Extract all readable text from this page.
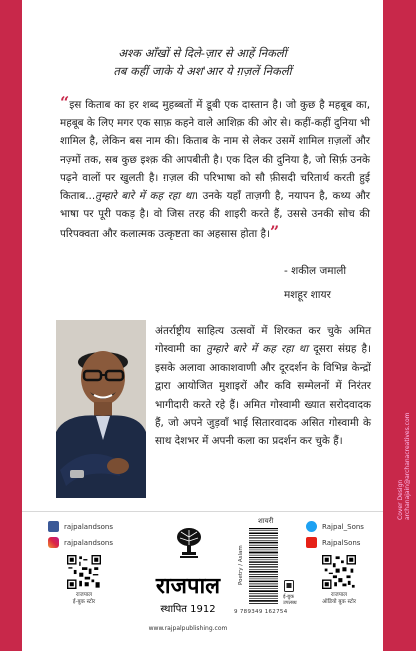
Cover Design archanajain@archanacreatives.com
अश्क आँखों से दिले-ज़ार से आहें निकलीं
तब कहीं जाके ये अश'आर ये ग़ज़लें निकलीं
“इस किताब का हर शब्द मुहब्बतों में डूबी एक दास्तान है। जो कुछ है महबूब का, महबूब के लिए मगर एक साफ़ कहने वाले आशिक़ की ओर से। कहीं-कहीं दुनिया भी शामिल है, लेकिन बस नाम की। किताब के नाम से लेकर उसमें शामिल ग़ज़लों और नज़्मों तक, सब कुछ इश्क़ की आपबीती है। एक दिल की दुनिया है, जो सिर्फ़ उनके पढ़ने वालों पर खुलती है। ग़ज़ल की परिभाषा को सौ फ़ीसदी चरितार्थ करती हुई किताब...तुम्हारे बारे में कह रहा था। उनके यहाँ ताज़गी है, नयापन है, कथ्य और भाषा पर पूरी पकड़ है। वो जिस तरह की शाइरी करते हैं, उससे उनकी सोच की परिपक्वता और कलात्मक उत्कृष्टता का अहसास होता है।”
- शकील जमाली
मशहूर शायर
अंतर्राष्ट्रीय साहित्य उत्सवों में शिरकत कर चुके अमित गोस्वामी का तुम्हारे बारे में कह रहा था दूसरा संग्रह है। इसके अलावा आकाशवाणी और दूरदर्शन के विभिन्न केन्द्रों द्वारा आयोजित मुशाइरों और कवि सम्मेलनों में निरंतर भागीदारी करते रहे हैं। अमित गोस्वामी ख्यात सरोदवादक हैं, जो अपने जुड़वाँ भाई सितारवादक असित गोस्वामी के साथ देशभर में अपनी कला का प्रदर्शन कर चुके हैं।
rajpalandsons
rajpalandsons
Rajpal_Sons
RajpalSons
राजपाल
ई-बुक स्टोर
राजपाल
ऑडियो बुक स्टोर
राजपाल
स्थापित 1912
www.rajpalpublishing.com
शायरी
Poetry / Aslam
9 789349 162754
ई-बुक
उपलब्ध
